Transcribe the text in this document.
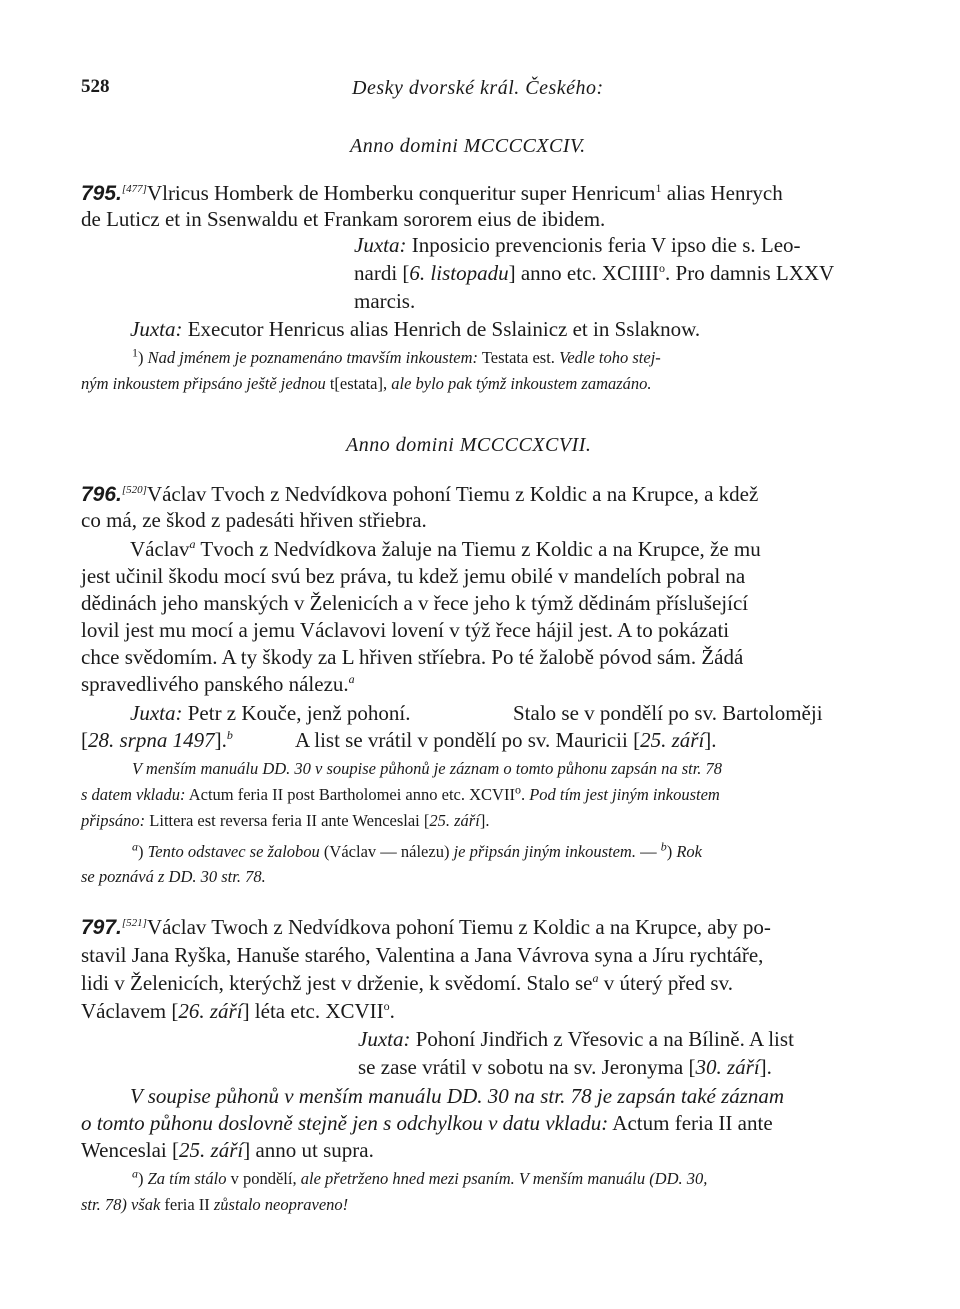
528	Desky dvorské král. Českého:
Anno domini MCCCCXCIV.
795.[477]Vlricus Homberk de Homberku conqueritur super Henricum$^1$ alias Henrych
de Luticz et in Ssenwaldu et Frankam sororem eius de ibidem.
Juxta: Inposicio prevencionis feria V ipso die s. Leo-
nardi [6. listopadu] anno etc. XCIIII$^o$. Pro damnis LXXV
marcis.
Juxta: Executor Henricus alias Henrich de Sslainicz et in Sslaknow.
$^1$) Nad jménem je poznamenáno tmavším inkoustem: Testata est. Vedle toho stej-
ným inkoustem připsáno ještě jednou t[estata], ale bylo pak týmž inkoustem zamazáno.
Anno domini MCCCCXCVII.
796.[520]Václav Tvoch z Nedvídkova pohoní Tiemu z Koldic a na Krupce, a kdež
co má, ze škod z padesáti hřiven střiebra.
Václav$^a$ Tvoch z Nedvídkova žaluje na Tiemu z Koldic a na Krupce, že mu
jest učinil škodu mocí svú bez práva, tu kdež jemu obilé v mandelích pobral na
dědinách jeho manských v Želenicích a v řece jeho k týmž dědinám příslušející
lovil jest mu mocí a jemu Václavovi lovení v týž řece hájil jest. A to pokázati
chce svědomím. A ty škody za L hřiven stříebra. Po té žalobě póvod sám. Žádá
spravedlivého panského nálezu.$^a$
Juxta: Petr z Kouče, jenž pohoní.	Stalo se v pondělí po sv. Bartoloměji
[28. srpna 1497].$^b$	A list se vrátil v pondělí po sv. Mauricii [25. září].
V menším manuálu DD. 30 v soupise půhonů je záznam o tomto půhonu zapsán na str. 78
s datem vkladu: Actum feria II post Bartholomei anno etc. XCVII$^o$. Pod tím jest jiným inkoustem
připsáno: Littera est reversa feria II ante Wenceslai [25. září].
$^a$) Tento odstavec se žalobou (Václav — nálezu) je připsán jiným inkoustem. — $^b$) Rok
se poznává z DD. 30 str. 78.
797.[521]Václav Twoch z Nedvídkova pohoní Tiemu z Koldic a na Krupce, aby po-
stavil Jana Ryška, Hanuše starého, Valentina a Jana Vávrova syna a Jíru rychtáře,
lidi v Želenicích, kterýchž jest v drženie, k svědomí. Stalo $se^a$ v úterý před sv.
Václavem [26. září] léta etc. XCVII$^o$.
Juxta: Pohoní Jindřich z Vřesovic a na Bílině. A list
se zase vrátil v sobotu na sv. Jeronyma [30. září].
V soupise půhonů v menším manuálu DD. 30 na str. 78 je zapsán také záznam
o tomto půhonu doslovně stejně jen s odchylkou v datu vkladu: Actum feria II ante
Wenceslai [25. září] anno ut supra.
$^a$) Za tím stálo v pondělí, ale přetrženo hned mezi psaním. V menším manuálu (DD. 30,
str. 78) však feria II zůstalo neopraveno!
